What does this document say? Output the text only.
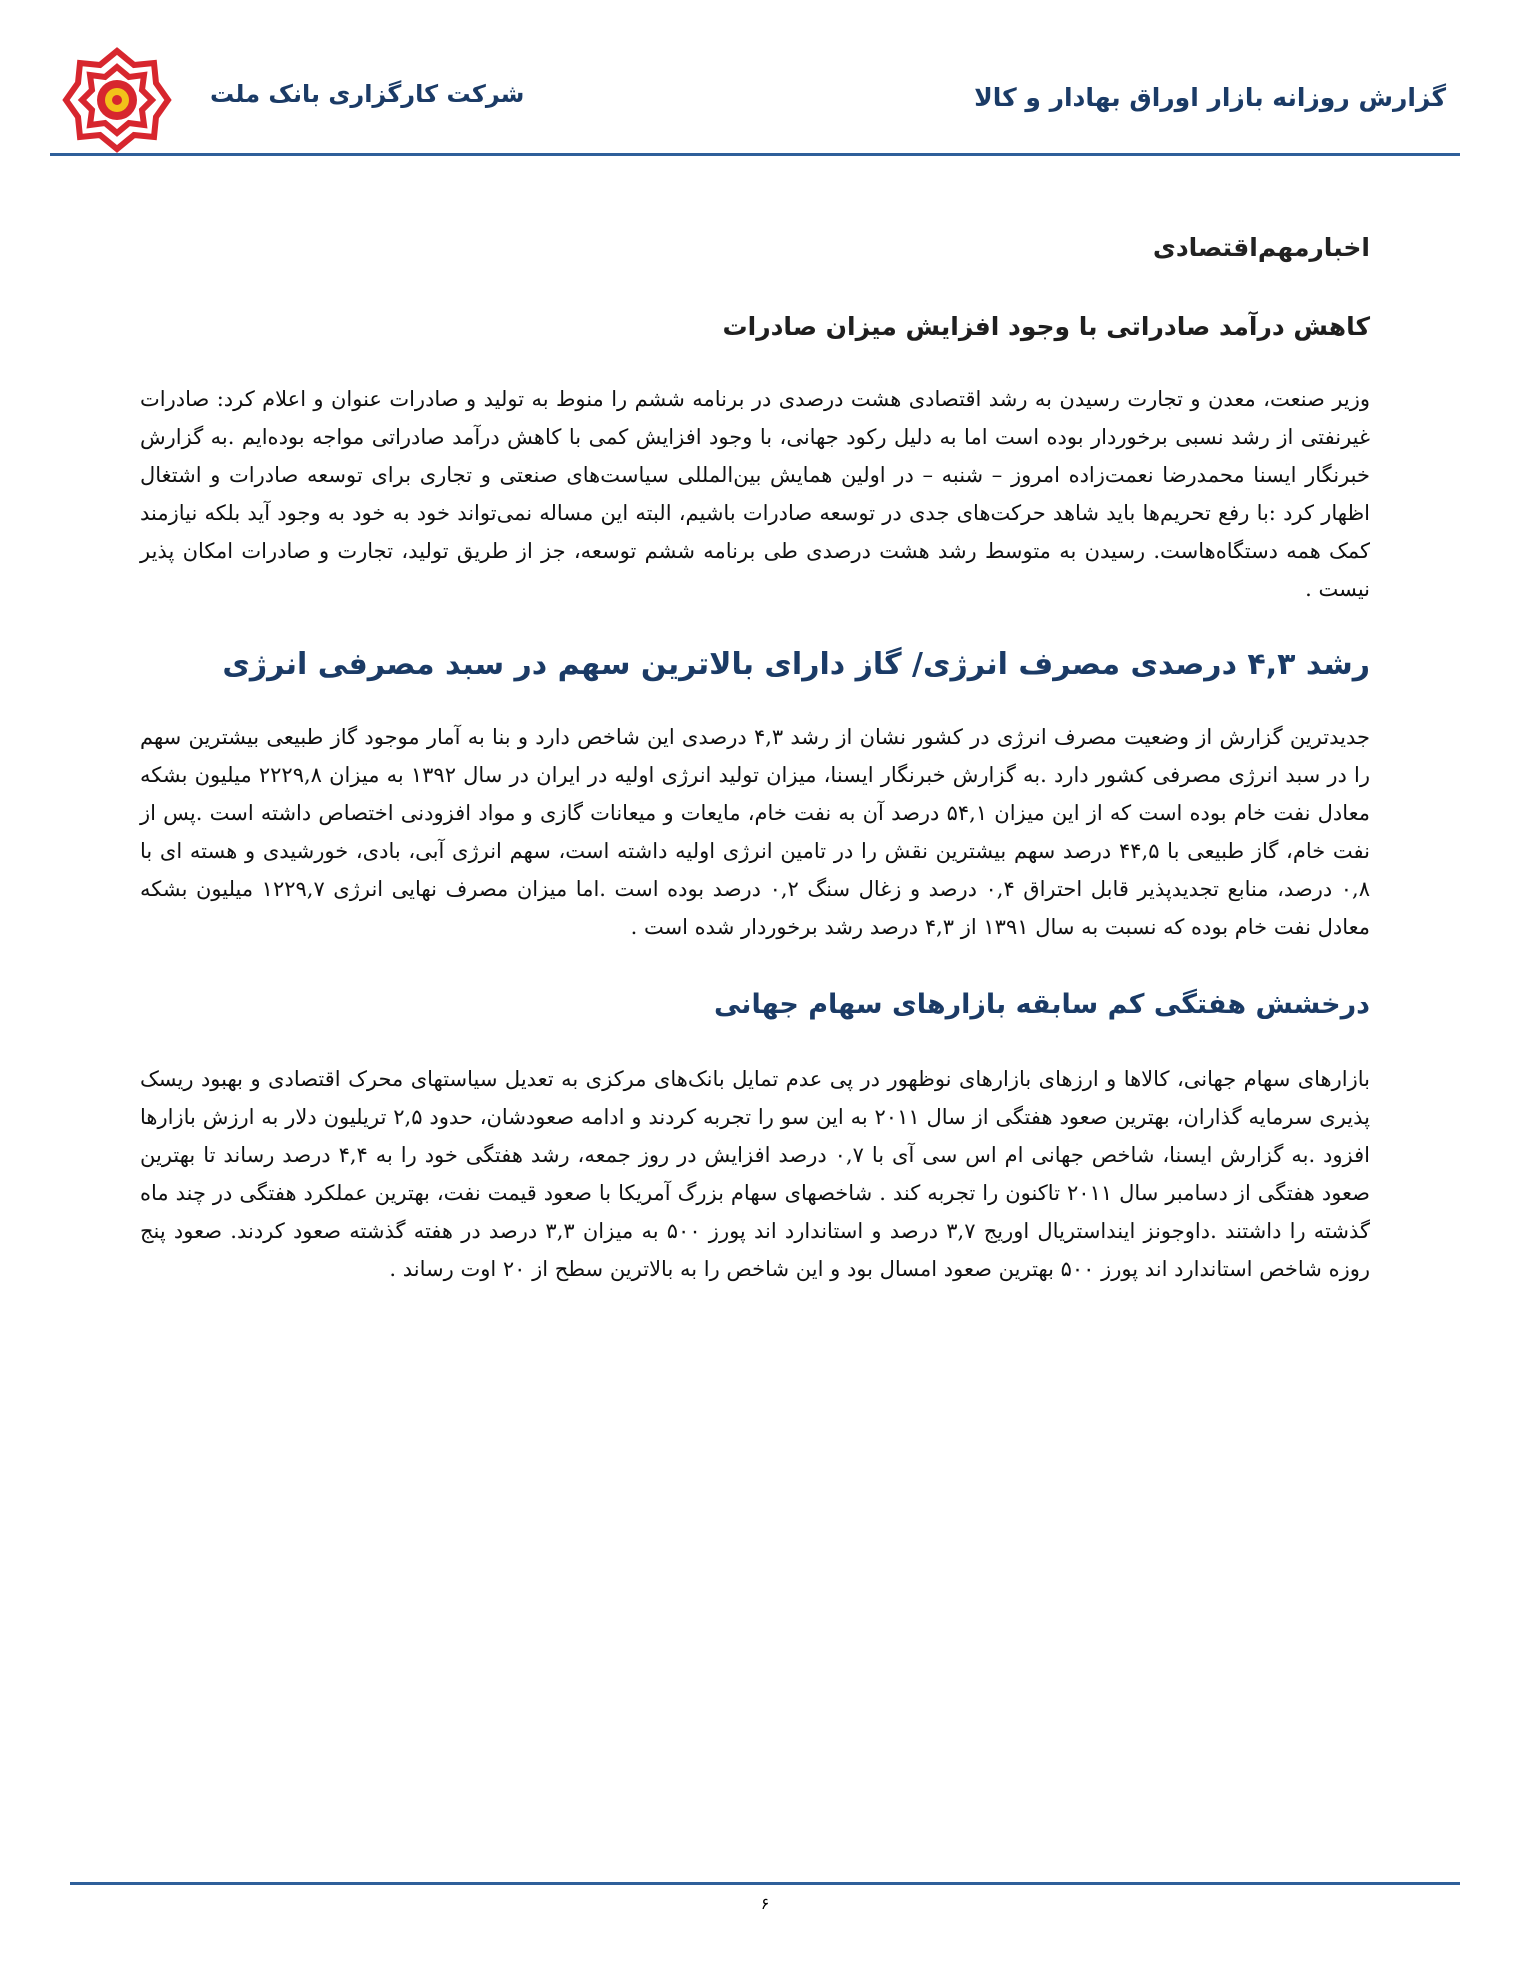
شرکت کارگزاری بانک ملت	گزارش روزانه بازار اوراق بهادار و کالا
اخبارمهم‌اقتصادی
کاهش درآمد صادراتی با وجود افزایش میزان صادرات

وزیر صنعت، معدن و تجارت رسیدن به رشد اقتصادی هشت درصدی در برنامه ششم را منوط به تولید و صادرات عنوان و اعلام کرد: صادرات غیرنفتی از رشد نسبی برخوردار بوده است اما به دلیل رکود جهانی، با وجود افزایش کمی با کاهش درآمد صادراتی مواجه بوده‌ایم .به گزارش خبرنگار ایسنا محمدرضا نعمت‌زاده امروز – شنبه – در اولین همایش بین‌المللی سیاست‌های صنعتی و تجاری برای توسعه صادرات و اشتغال اظهار کرد :با رفع تحریم‌ها باید شاهد حرکت‌های جدی در توسعه صادرات باشیم، البته این مساله نمی‌تواند خود به خود به وجود آید بلکه نیازمند کمک همه دستگاه‌هاست. رسیدن به متوسط رشد هشت درصدی طی برنامه ششم توسعه، جز از طریق تولید، تجارت و صادرات امکان پذیر نیست .

رشد ۴,۳ درصدی مصرف انرژی/ گاز دارای بالاترین سهم در سبد مصرفی انرژی

جدیدترین گزارش از وضعیت مصرف انرژی در کشور نشان از رشد ۴,۳ درصدی این شاخص دارد و بنا به آمار موجود گاز طبیعی بیشترین سهم را در سبد انرژی مصرفی کشور دارد .به گزارش خبرنگار ایسنا، میزان تولید انرژی اولیه در ایران در سال ۱۳۹۲ به میزان ۲۲۲۹,۸ میلیون بشکه معادل نفت خام بوده است که از این میزان ۵۴,۱ درصد آن به نفت خام، مایعات و میعانات گازی و مواد افزودنی اختصاص داشته است .پس از نفت خام، گاز طبیعی با ۴۴,۵ درصد سهم بیشترین نقش را در تامین انرژی اولیه داشته است، سهم انرژی آبی، بادی، خورشیدی و هسته ای با ۰,۸ درصد، منابع تجدیدپذیر قابل احتراق ۰,۴ درصد و زغال سنگ ۰,۲ درصد بوده است .اما میزان مصرف نهایی انرژی ۱۲۲۹,۷ میلیون بشکه معادل نفت خام بوده که نسبت به سال ۱۳۹۱ از ۴,۳ درصد رشد برخوردار شده است .

درخشش هفتگی کم سابقه بازارهای سهام جهانی

بازارهای سهام جهانی، کالاها و ارزهای بازارهای نوظهور در پی عدم تمایل بانک‌های مرکزی به تعدیل سیاستهای محرک اقتصادی و بهبود ریسک پذیری سرمایه گذاران، بهترین صعود هفتگی از سال ۲۰۱۱ به این سو را تجربه کردند و ادامه صعودشان، حدود ۲,۵ تریلیون دلار به ارزش بازارها افزود .به گزارش ایسنا، شاخص جهانی ام اس سی آی با ۰,۷ درصد افزایش در روز جمعه، رشد هفتگی خود را به ۴,۴ درصد رساند تا بهترین صعود هفتگی از دسامبر سال ۲۰۱۱ تاکنون را تجربه کند . شاخصهای سهام بزرگ آمریکا با صعود قیمت نفت، بهترین عملکرد هفتگی در چند ماه گذشته را داشتند .داوجونز اینداستریال اوریج ۳,۷ درصد و استاندارد اند پورز ۵۰۰ به میزان ۳,۳ درصد در هفته گذشته صعود کردند. صعود پنج روزه شاخص استاندارد اند پورز ۵۰۰ بهترین صعود امسال بود و این شاخص را به بالاترین سطح از ۲۰ اوت رساند .

۶
